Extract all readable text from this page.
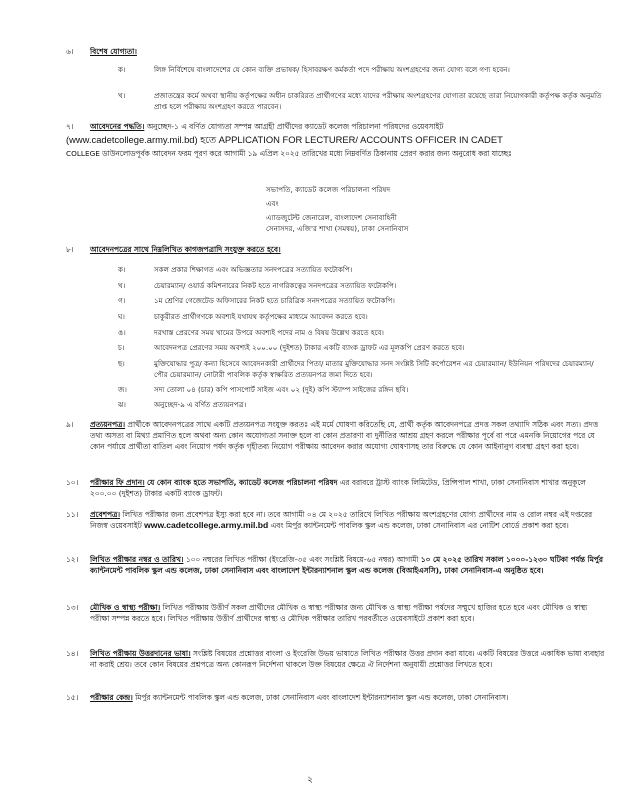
৬।	বিশেষ যোগ্যতা।
ক।	লিঙ্গ নির্বিশেষে বাংলাদেশের যে কোন ব্যক্তি প্রভাষক/ হিসাবরক্ষণ কর্মকর্তা পদে পরীক্ষায় অংশগ্রহণের জন্য যোগ্য বলে গণ্য হবেন।
খ।	প্রজাতন্ত্রের কর্মে অথবা স্থানীয় কর্তৃপক্ষের অধীন চাকরিরত প্রার্থীগণের মধ্যে যাদের পরীক্ষায় অংশগ্রহণের যোগ্যতা রয়েছে তারা নিয়োগকারী কর্তৃপক্ষ কর্তৃক অনুমতি প্রাপ্ত হলে পরীক্ষায় অংশগ্রহণ করতে পারবেন।
৭।	আবেদনের পদ্ধতি। অনুচ্ছেদ-১ এ বর্ণিত যোগ্যতা সম্পন্ন আগ্রহী প্রার্থীদের ক্যাডেট কলেজ পরিচালনা পরিষদের ওয়েবসাইট
(www.cadetcollege.army.mil.bd) হতে APPLICATION FOR LECTURER/ ACCOUNTS OFFICER IN CADET
COLLEGE ডাউনলোডপূর্বক আবেদন ফরম পূরণ করে আগামী ১৯ এপ্রিল ২০২৫ তারিখের মধ্যে নিম্নবর্ণিত ঠিকানায় প্রেরণ করার জন্য অনুরোধ করা যাচ্ছেঃ
সভাপতি, ক্যাডেট কলেজ পরিচালনা পরিষদ
এবং
এ্যাডজুটেন্ট জেনারেল, বাংলাদেশ সেনাবাহিনী
সেনাসদর, এজি'র শাখা (সমন্বয়), ঢাকা সেনানিবাস
৮।	আবেদনপত্রের সাথে নিম্নলিখিত কাগজপত্রাদি সংযুক্ত করতে হবে।
ক।	সকল প্রকার শিক্ষাগত এবং অভিজ্ঞতার সনদপত্রের সত্যায়িত ফটোকপি।
খ।	চেয়ারম্যান/ ওয়ার্ড কমিশনারের নিকট হতে নাগরিকত্বের সনদপত্রের সত্যায়িত ফটোকপি।
গ।	১ম শ্রেণির গেজেটেড অফিসারের নিকট হতে চারিত্রিক সনদপত্রের সত্যায়িত ফটোকপি।
ঘ।	চাকুরীরত প্রার্থীগণকে অবশ্যই যথাযথ কর্তৃপক্ষের মাধ্যমে আবেদন করতে হবে।
ঙ।	দরখাস্ত প্রেরণের সময় খামের উপরে অবশ্যই পদের নাম ও বিষয় উল্লেখ করতে হবে।
চ।	আবেদনপত্র প্রেরণের সময় অবশ্যই ২০০.০০ (দুইশত) টাকার একটি ব্যাংক ড্রাফট এর মূলকপি প্রেরণ করতে হবে।
ছ।	মুক্তিযোদ্ধার পুত্র/ কন্যা হিসেবে আবেদনকারী প্রার্থীদের পিতা/ মাতার মুক্তিযোদ্ধার সনদ সংশ্লিষ্ট সিটি কর্পোরেশন এর চেয়ারম্যান/ ইউনিয়ন পরিষদের চেয়ারম্যান/ পৌর চেয়ারম্যান/ নোটারী পাবলিক কর্তৃক স্বাক্ষরিত প্রত্যয়নপত্র জমা দিতে হবে।
জ।	সদ্য তোলা ০৪ (চার) কপি পাসপোর্ট সাইজ এবং ০২ (দুই) কপি স্ট্যাম্প সাইজের রঙ্গিন ছবি।
ঝ।	অনুচ্ছেদ-৯ এ বর্ণিত প্রত্যয়নপত্র।
৯।	প্রত্যয়নপত্র। প্রার্থীকে আবেদনপত্রের সাথে একটি প্রত্যয়নপত্র সংযুক্ত করতঃ এই মর্মে ঘোষণা করিতেছি যে, প্রার্থী কর্তৃক আবেদনপত্রে প্রদত্ত সকল তথ্যাদি সঠিক এবং সত্য। প্রদত্ত তথ্য অসত্য বা মিথ্যা প্রমাণিত হলে অথবা অন্য কোন অযোগ্যতা সনাক্ত হলে বা কোন প্রতারণা বা দুর্নীতির আশ্রয় গ্রহণ করলে পরীক্ষার পূর্বে বা পরে এমনকি নিয়োগের পরে যে কোন পর্যায়ে প্রার্থীতা বাতিল এবং নিয়োগ পর্ষদ কর্তৃক গৃহীতব্য নিয়োগ পরীক্ষায় আবেদন করার অযোগ্য ঘোষণাসহ তার বিরুদ্ধে যে কোন আইনানুগ ব্যবস্থা গ্রহণ করা হবে।
১০।	পরীক্ষার ফি প্রদান। যে কোন ব্যাংক হতে সভাপতি, ক্যাডেট কলেজ পরিচালনা পরিষদ এর বরাবরে ট্রাস্ট ব্যাংক লিমিটেড, প্রিন্সিপাল শাখা, ঢাকা সেনানিবাস শাখার অনুকূলে ২০০.০০ (দুইশত) টাকার একটি ব্যাংক ড্রাফট।
১১।	প্রবেশপত্র। লিখিত পরীক্ষার জন্য প্রবেশপত্র ইস্যু করা হবে না। তবে আগামী ০৪ মে ২০২৫ তারিখে লিখিত পরীক্ষায় অংশগ্রহণের যোগ্য প্রার্থীদের নাম ও রোল নম্বর এই দপ্তরের নিজস্ব ওয়েবসাইট www.cadetcollege.army.mil.bd এবং মির্পুর ক্যান্টনমেন্ট পাবলিক স্কুল এন্ড কলেজ, ঢাকা সেনানিবাস এর নোটিশ বোর্ডে প্রকাশ করা হবে।
১২।	লিখিত পরীক্ষার নম্বর ও তারিখ। ১০০ নম্বরের লিখিত পরীক্ষা (ইংরেজি-৩৫ এবং সংশ্লিষ্ট বিষয়ে-৬৫ নম্বর) আগামী ১০ মে ২০২৫ তারিখ সকাল ১০০০-১২৩০ ঘটিকা পর্যন্ত মির্পুর ক্যান্টনমেন্ট পাবলিক স্কুল এন্ড কলেজ, ঢাকা সেনানিবাস এবং বাংলাদেশ ইন্টারন্যাশনাল স্কুল এন্ড কলেজ (বিআইএসসি), ঢাকা সেনানিবাস-এ অনুষ্ঠিত হবে।
১৩।	মৌখিক ও স্বাস্থ্য পরীক্ষা। লিখিত পরীক্ষায় উত্তীর্ণ সকল প্রার্থীদের মৌখিক ও স্বাস্থ্য পরীক্ষার জন্য মৌখিক ও স্বাস্থ্য পরীক্ষা পর্ষদের সম্মুখে হাজির হতে হবে এবং মৌখিক ও স্বাস্থ্য পরীক্ষা সম্পন্ন করতে হবে। লিখিত পরীক্ষায় উত্তীর্ণ প্রার্থীদের স্বাস্থ্য ও মৌখিক পরীক্ষার তারিখ পরবর্তীতে ওয়েবসাইটে প্রকাশ করা হবে।
১৪।	লিখিত পরীক্ষায় উত্তরদানের ভাষা। সংশ্লিষ্ট বিষয়ের প্রশ্নোত্তর বাংলা ও ইংরেজি উভয় ভাষাতে লিখিত পরীক্ষার উত্তর প্রদান করা যাবে। একটি বিষয়ের উত্তরে একাধিক ভাষা ব্যবহার না করাই শ্রেয়। তবে কোন বিষয়ের প্রশ্নপত্রে অন্য কোনরূপ নির্দেশনা থাকলে উক্ত বিষয়ের ক্ষেত্রে ঐ নির্দেশনা অনুযায়ী প্রশ্নোত্তর লিখতে হবে।
১৫।	পরীক্ষার কেন্দ্র। মির্পুর ক্যান্টনমেন্ট পাবলিক স্কুল এন্ড কলেজ, ঢাকা সেনানিবাস এবং বাংলাদেশ ইন্টারন্যাশনাল স্কুল এন্ড কলেজ, ঢাকা সেনানিবাস।
২
